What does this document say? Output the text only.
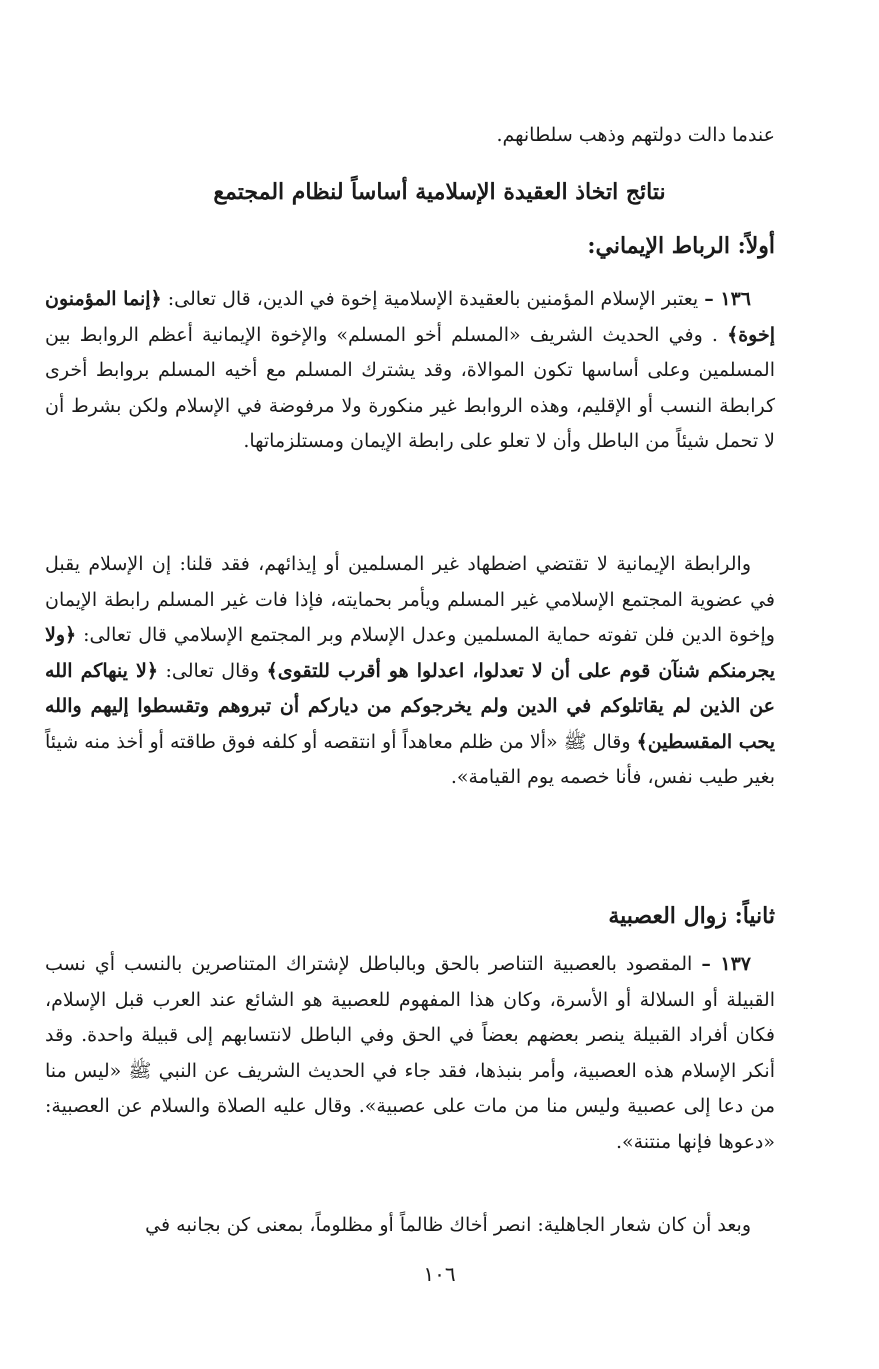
عندما دالت دولتهم وذهب سلطانهم.

نتائج اتخاذ العقيدة الإسلامية أساساً لنظام المجتمع
أولاً: الرباط الإيماني:

١٣٦ – يعتبر الإسلام المؤمنين بالعقيدة الإسلامية إخوة في الدين، قال تعالى: ﴿إنما المؤمنون إخوة﴾ . وفي الحديث الشريف «المسلم أخو المسلم» والإخوة الإيمانية أعظم الروابط بين المسلمين وعلى أساسها تكون الموالاة، وقد يشترك المسلم مع أخيه المسلم بروابط أخرى كرابطة النسب أو الإقليم، وهذه الروابط غير منكورة ولا مرفوضة في الإسلام ولكن بشرط أن لا تحمل شيئاً من الباطل وأن لا تعلو على رابطة الإيمان ومستلزماتها.

والرابطة الإيمانية لا تقتضي اضطهاد غير المسلمين أو إيذائهم، فقد قلنا: إن الإسلام يقبل في عضوية المجتمع الإسلامي غير المسلم ويأمر بحمايته، فإذا فات غير المسلم رابطة الإيمان وإخوة الدين فلن تفوته حماية المسلمين وعدل الإسلام وبر المجتمع الإسلامي قال تعالى: ﴿ولا يجرمنكم شنآن قوم على أن لا تعدلوا، اعدلوا هو أقرب للتقوى﴾ وقال تعالى: ﴿لا ينهاكم الله عن الذين لم يقاتلوكم في الدين ولم يخرجوكم من دياركم أن تبروهم وتقسطوا إليهم والله يحب المقسطين﴾ وقال ﷺ «ألا من ظلم معاهداً أو انتقصه أو كلفه فوق طاقته أو أخذ منه شيئاً بغير طيب نفس، فأنا خصمه يوم القيامة».

ثانياً: زوال العصبية

١٣٧ – المقصود بالعصبية التناصر بالحق وبالباطل لإشتراك المتناصرين بالنسب أي نسب القبيلة أو السلالة أو الأسرة، وكان هذا المفهوم للعصبية هو الشائع عند العرب قبل الإسلام، فكان أفراد القبيلة ينصر بعضهم بعضاً في الحق وفي الباطل لانتسابهم إلى قبيلة واحدة. وقد أنكر الإسلام هذه العصبية، وأمر بنبذها، فقد جاء في الحديث الشريف عن النبي ﷺ «ليس منا من دعا إلى عصبية وليس منا من مات على عصبية». وقال عليه الصلاة والسلام عن العصبية: «دعوها فإنها منتنة».

وبعد أن كان شعار الجاهلية: انصر أخاك ظالماً أو مظلوماً، بمعنى كن بجانبه في

١٠٦
